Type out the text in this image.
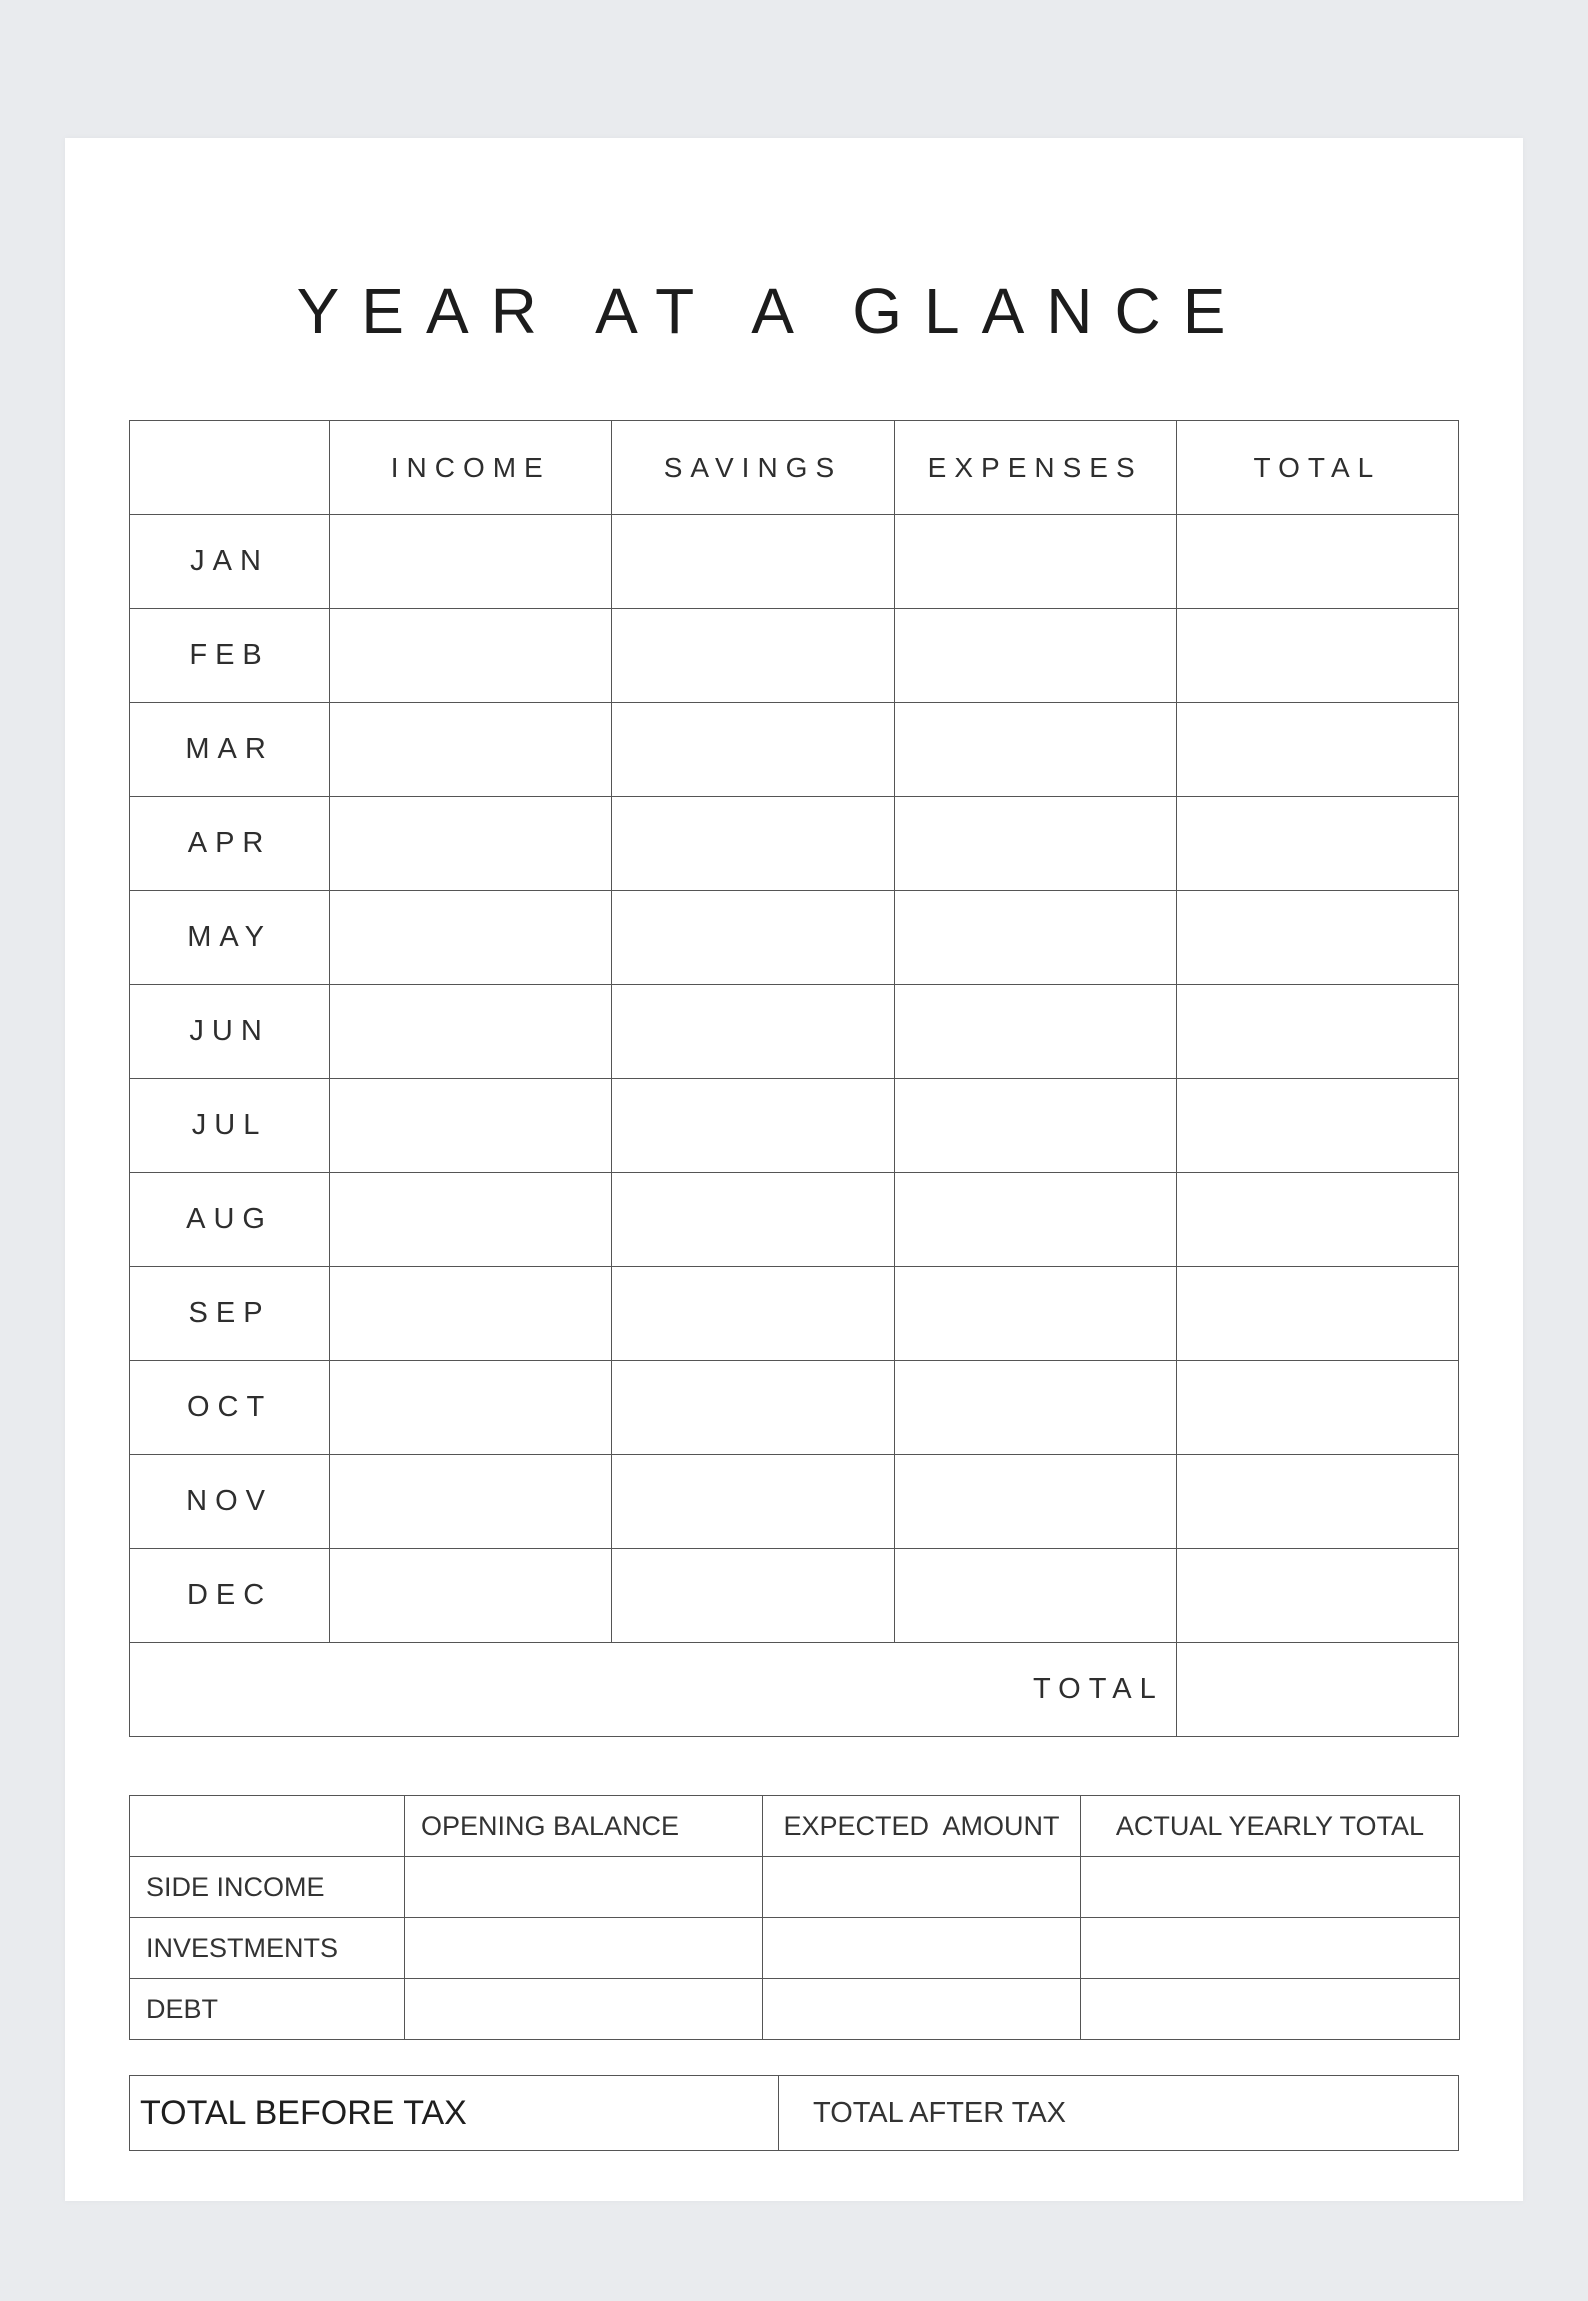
YEAR AT A GLANCE
	INCOME	SAVINGS	EXPENSES	TOTAL
JAN				
FEB				
MAR				
APR				
MAY				
JUN				
JUL				
AUG				
SEP				
OCT				
NOV				
DEC				
TOTAL				
	OPENING BALANCE	EXPECTED  AMOUNT	ACTUAL YEARLY TOTAL
SIDE INCOME			
INVESTMENTS			
DEBT			
TOTAL BEFORE TAX	TOTAL AFTER TAX
